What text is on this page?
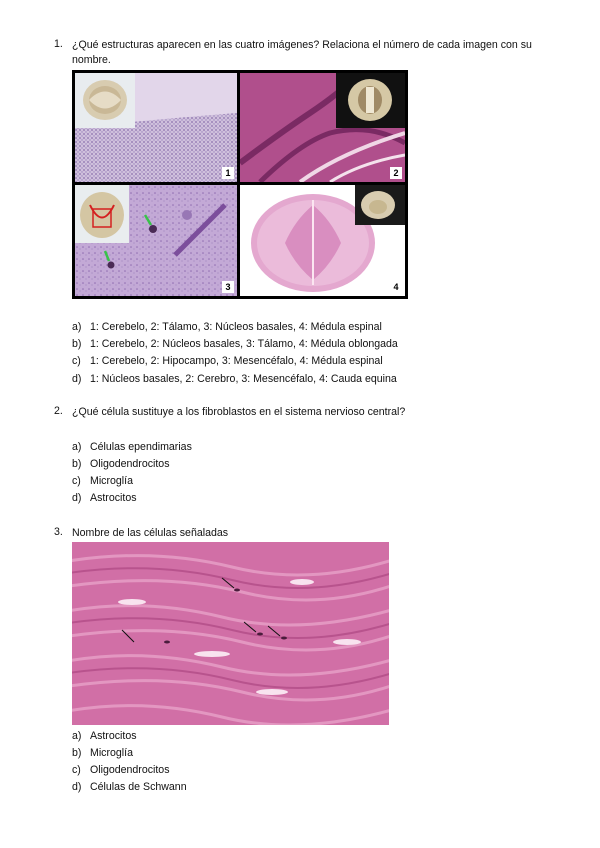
1. ¿Qué estructuras aparecen en las cuatro imágenes? Relaciona el número de cada imagen con su nombre.
1	2
3	4
a) 1: Cerebelo, 2: Tálamo, 3: Núcleos basales, 4: Médula espinal
b) 1: Cerebelo, 2: Núcleos basales, 3: Tálamo, 4: Médula oblongada
c) 1: Cerebelo, 2: Hipocampo, 3: Mesencéfalo, 4: Médula espinal
d) 1: Núcleos basales, 2: Cerebro, 3: Mesencéfalo, 4: Cauda equina
2. ¿Qué célula sustituye a los fibroblastos en el sistema nervioso central?
a) Células ependimarias
b) Oligodendrocitos
c) Microglía
d) Astrocitos
3. Nombre de las células señaladas
a) Astrocitos
b) Microglía
c) Oligodendrocitos
d) Células de Schwann
